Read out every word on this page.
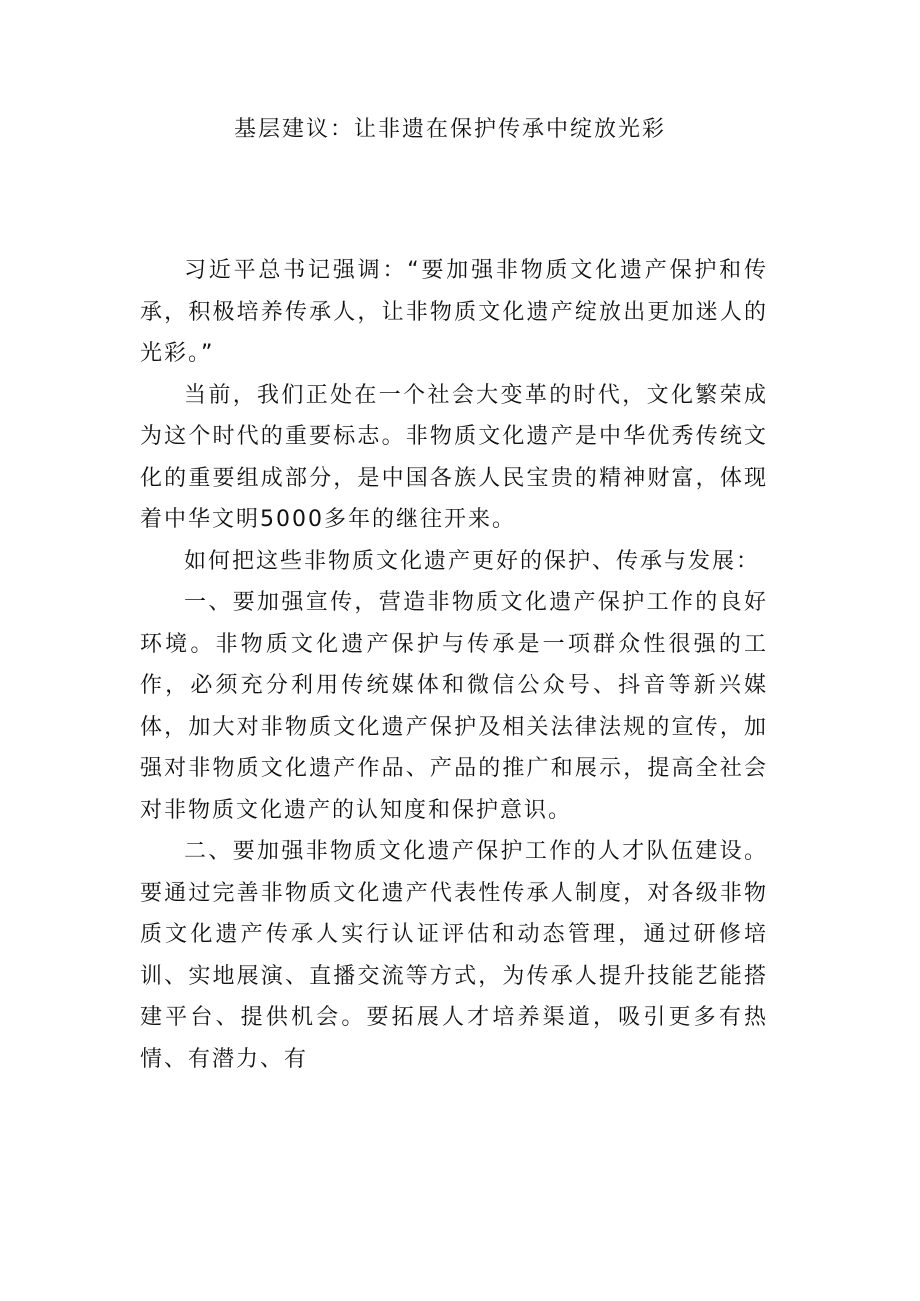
基层建议：让非遗在保护传承中绽放光彩

习近平总书记强调：“要加强非物质文化遗产保护和传承，积极培养传承人，让非物质文化遗产绽放出更加迷人的光彩。”

当前，我们正处在一个社会大变革的时代，文化繁荣成为这个时代的重要标志。非物质文化遗产是中华优秀传统文化的重要组成部分，是中国各族人民宝贵的精神财富，体现着中华文明5000多年的继往开来。

如何把这些非物质文化遗产更好的保护、传承与发展：

一、要加强宣传，营造非物质文化遗产保护工作的良好环境。非物质文化遗产保护与传承是一项群众性很强的工作，必须充分利用传统媒体和微信公众号、抖音等新兴媒体，加大对非物质文化遗产保护及相关法律法规的宣传，加强对非物质文化遗产作品、产品的推广和展示，提高全社会对非物质文化遗产的认知度和保护意识。

二、要加强非物质文化遗产保护工作的人才队伍建设。要通过完善非物质文化遗产代表性传承人制度，对各级非物质文化遗产传承人实行认证评估和动态管理，通过研修培训、实地展演、直播交流等方式，为传承人提升技能艺能搭建平台、提供机会。要拓展人才培养渠道，吸引更多有热情、有潜力、有
